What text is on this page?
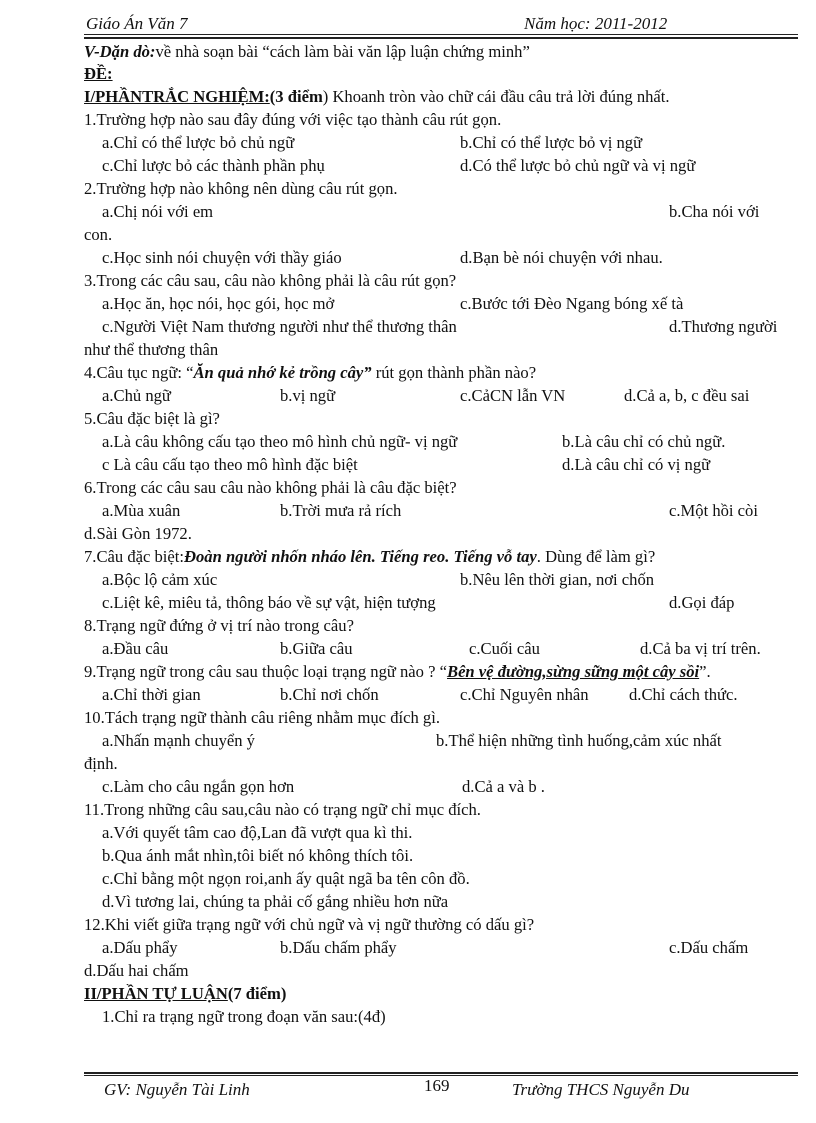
Giáo Án Văn 7	Năm học: 2011-2012
V-Dặn dò:về nhà soạn bài “cách làm bài văn lập luận chứng minh”
ĐỀ:
I/PHẦNTRẮC NGHIỆM:(3 điểm) Khoanh tròn vào chữ cái đầu câu trả lời đúng nhất.
1.Trường hợp nào sau đây đúng với việc tạo thành câu rút gọn.
a.Chỉ có thể lược bỏ chủ ngữ	b.Chỉ có thể lược bỏ vị ngữ
c.Chỉ lược bỏ các thành phần phụ	d.Có thể lược bỏ chủ ngữ và vị ngữ
2.Trường hợp nào không nên dùng câu rút gọn.
a.Chị nói với em	b.Cha nói với
con.
c.Học sinh nói chuyện với thầy giáo	d.Bạn bè nói chuyện với nhau.
3.Trong các câu sau, câu nào không phải là câu rút gọn?
a.Học ăn, học nói, học gói, học mở	c.Bước tới Đèo Ngang bóng xế tà
c.Người Việt Nam thương người như thể thương thân	d.Thương người
như thể thương thân
4.Câu tục ngữ: “Ăn quả nhớ kẻ trồng cây” rút gọn thành phần nào?
a.Chủ ngữ	b.vị ngữ	c.CảCN lẫn VN	d.Cả a, b, c đều sai
5.Câu đặc biệt là gì?
a.Là câu không cấu tạo theo mô hình chủ ngữ- vị ngữ	b.Là câu chỉ có chủ ngữ.
c Là câu cấu tạo theo mô hình đặc biệt	d.Là câu chỉ có vị ngữ
6.Trong các câu sau câu nào không phải là câu đặc biệt?
a.Mùa xuân	b.Trời mưa rả rích	c.Một hồi còi
d.Sài Gòn 1972.
7.Câu đặc biệt:Đoàn người nhốn nháo lên. Tiếng reo. Tiếng vỗ tay. Dùng để làm gì?
a.Bộc lộ cảm xúc	b.Nêu lên thời gian, nơi chốn
c.Liệt kê, miêu tả, thông báo về sự vật, hiện tượng	d.Gọi đáp
8.Trạng ngữ đứng ở vị trí nào trong câu?
a.Đầu câu	b.Giữa câu	c.Cuối câu	d.Cả ba vị trí trên.
9.Trạng ngữ trong câu sau thuộc loại trạng ngữ nào ? “Bên vệ đường,sừng sững một cây sồi”.
a.Chỉ thời gian	b.Chỉ nơi chốn	c.Chỉ Nguyên nhân d.Chỉ cách thức.
10.Tách trạng ngữ thành câu riêng nhằm mục đích gì.
a.Nhấn mạnh chuyển ý	b.Thể hiện những tình huống,cảm xúc nhất
định.
c.Làm cho câu ngắn gọn hơn	d.Cả a và b .
11.Trong những câu sau,câu nào có trạng ngữ chỉ mục đích.
a.Với quyết tâm cao độ,Lan đã vượt qua kì thi.
b.Qua ánh mắt nhìn,tôi biết nó không thích tôi.
c.Chỉ bằng một ngọn roi,anh ấy quật ngã ba tên côn đồ.
d.Vì tương lai, chúng ta phải cố gắng nhiều hơn nữa
12.Khi viết giữa trạng ngữ với chủ ngữ và vị ngữ thường có dấu gì?
a.Dấu phẩy	b.Dấu chấm phẩy	c.Dấu chấm
d.Dấu hai chấm
II/PHẦN TỰ LUẬN(7 điểm)
1.Chỉ ra trạng ngữ trong đoạn văn sau:(4đ)
GV: Nguyễn Tài Linh	169	Trường THCS Nguyễn Du
